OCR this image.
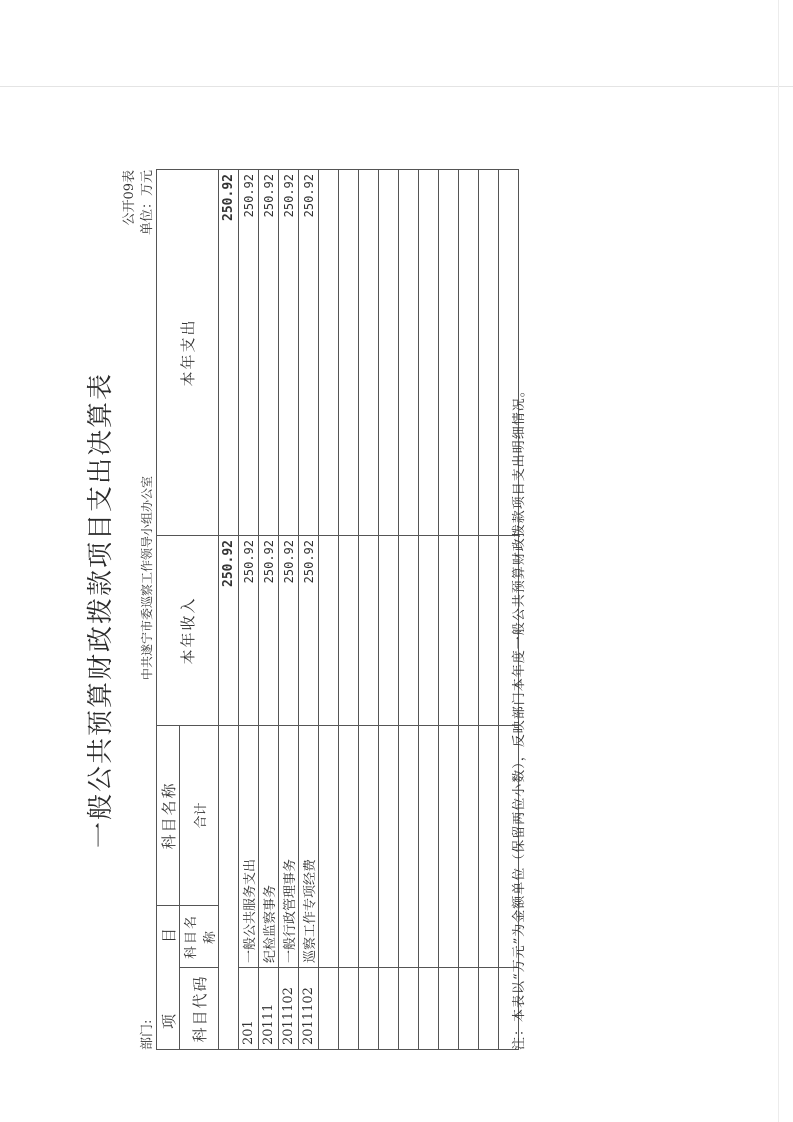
一般公共预算财政拨款项目支出决算表
公开09表
部门:
中共遂宁市委巡察工作领导小组办公室
单位：万元
项
目		科目名称	本年收入	本年支出
科目代码	科目名称			
		合计		
			250.92	250.92
201	一般公共服务支出		250.92	250.92
20111	纪检监察事务		250.92	250.92
2011102	一般行政管理事务		250.92	250.92
2011102	巡察工作专项经费		250.92	250.92

注：本表以“万元”为金额单位（保留两位小数），反映部门本年度一般公共预算财政拨款项目支出明细情况。
